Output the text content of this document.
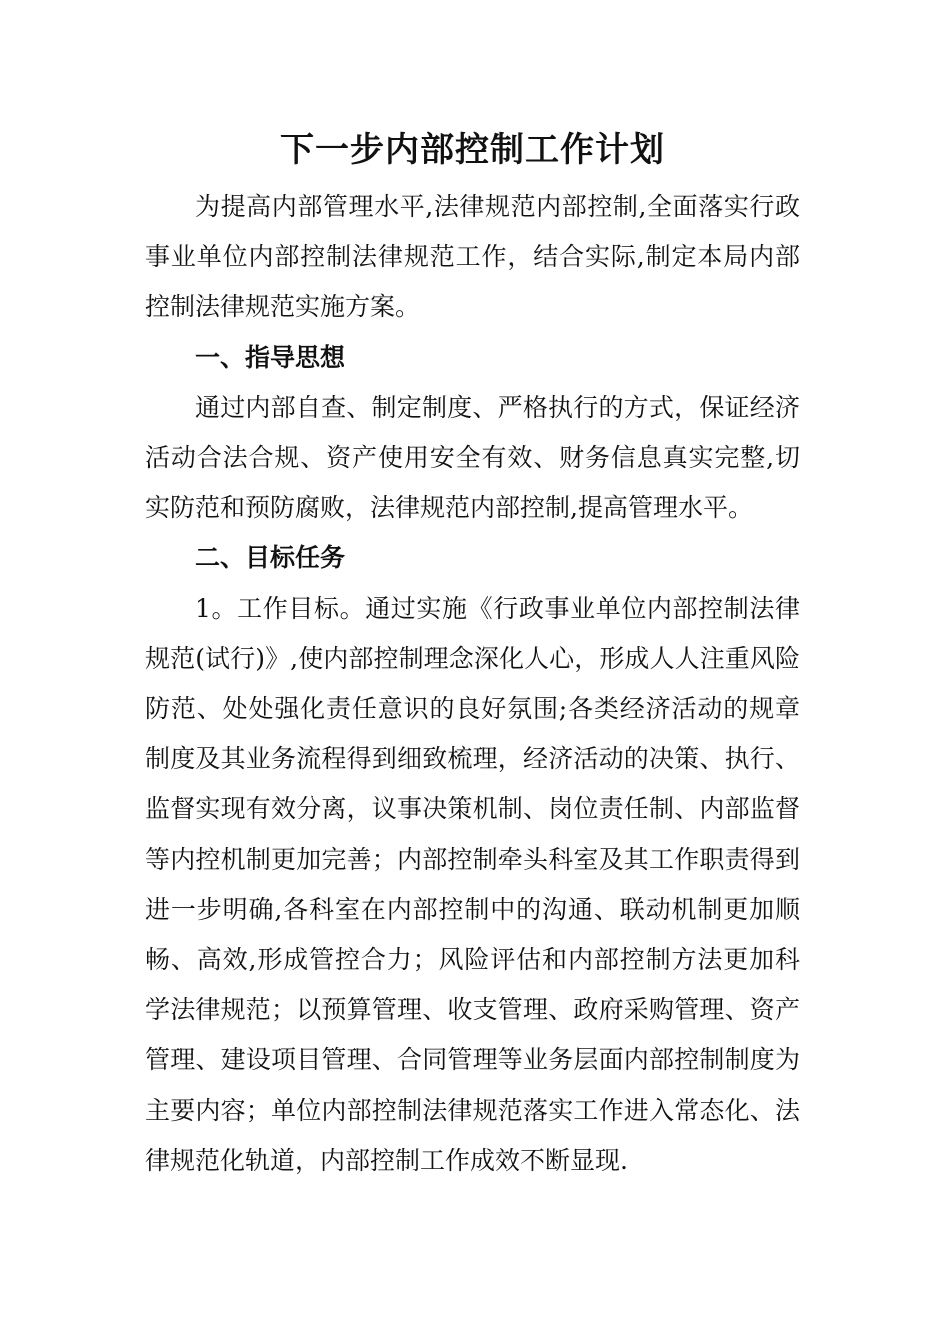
下一步内部控制工作计划

为提高内部管理水平,法律规范内部控制,全面落实行政事业单位内部控制法律规范工作，结合实际,制定本局内部控制法律规范实施方案。

一、指导思想

通过内部自查、制定制度、严格执行的方式，保证经济活动合法合规、资产使用安全有效、财务信息真实完整,切实防范和预防腐败，法律规范内部控制,提高管理水平。

二、目标任务

1。工作目标。通过实施《行政事业单位内部控制法律规范(试行)》,使内部控制理念深化人心，形成人人注重风险防范、处处强化责任意识的良好氛围;各类经济活动的规章制度及其业务流程得到细致梳理，经济活动的决策、执行、监督实现有效分离，议事决策机制、岗位责任制、内部监督等内控机制更加完善；内部控制牵头科室及其工作职责得到进一步明确,各科室在内部控制中的沟通、联动机制更加顺畅、高效,形成管控合力；风险评估和内部控制方法更加科学法律规范；以预算管理、收支管理、政府采购管理、资产管理、建设项目管理、合同管理等业务层面内部控制制度为主要内容；单位内部控制法律规范落实工作进入常态化、法律规范化轨道，内部控制工作成效不断显现.
